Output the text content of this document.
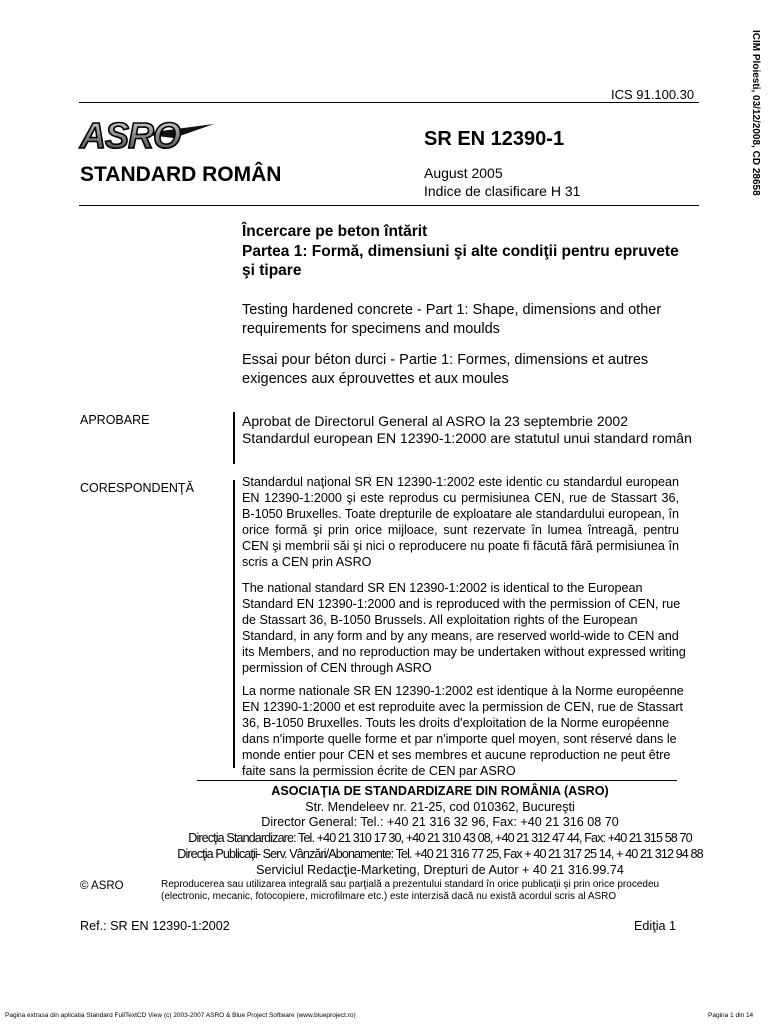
ICIM Ploiesti, 03/12/2008, CD 28658
ICS 91.100.30
ASRO	SR EN 12390-1
STANDARD ROMÂN	August 2005
Indice de clasificare H 31
Încercare pe beton întărit
Partea 1: Formă, dimensiuni şi alte condiţii pentru epruvete şi tipare
Testing hardened concrete - Part 1: Shape, dimensions and other requirements for specimens and moulds
Essai pour béton durci - Partie 1: Formes, dimensions et autres exigences aux éprouvettes et aux moules
APROBARE	Aprobat de Directorul General al ASRO la 23 septembrie 2002
Standardul european EN 12390-1:2000 are statutul unui standard român
CORESPONDENŢĂ	Standardul naţional SR EN 12390-1:2002 este identic cu standardul european EN 12390-1:2000 şi este reprodus cu permisiunea CEN, rue de Stassart 36, B-1050 Bruxelles. Toate drepturile de exploatare ale standardului european, în orice formă şi prin orice mijloace, sunt rezervate în lumea întreagă, pentru CEN şi membrii săi şi nici o reproducere nu poate fi făcută fără permisiunea în scris a CEN prin ASRO
The national standard SR EN 12390-1:2002 is identical to the European Standard EN 12390-1:2000 and is reproduced with the permission of CEN, rue de Stassart 36, B-1050 Brussels. All exploitation rights of the European Standard, in any form and by any means, are reserved world-wide to CEN and its Members, and no reproduction may be undertaken without expressed writing permission of CEN through ASRO
La norme nationale SR EN 12390-1:2002 est identique à la Norme européenne EN 12390-1:2000 et est reproduite avec la permission de CEN, rue de Stassart 36, B-1050 Bruxelles. Touts les droits d'exploitation de la Norme européenne dans n'importe quelle forme et par n'importe quel moyen, sont réservé dans le monde entier pour CEN et ses membres et aucune reproduction ne peut être faite sans la permission écrite de CEN par ASRO
ASOCIAŢIA DE STANDARDIZARE DIN ROMÂNIA (ASRO)
Str. Mendeleev nr. 21-25, cod 010362, Bucureşti
Director General: Tel.: +40 21 316 32 96, Fax: +40 21 316 08 70
Direcţia Standardizare: Tel. +40 21 310 17 30, +40 21 310 43 08, +40 21 312 47 44, Fax: +40 21 315 58 70
Direcţia Publicaţii- Serv. Vânzări/Abonamente: Tel. +40 21 316 77 25, Fax + 40 21 317 25 14, + 40 21 312 94 88
Serviciul Redacţie-Marketing, Drepturi de Autor + 40 21 316.99.74
© ASRO	Reproducerea sau utilizarea integrală sau parţială a prezentului standard în orice publicaţii şi prin orice procedeu (electronic, mecanic, fotocopiere, microfilmare etc.) este interzisă dacă nu există acordul scris al ASRO
Ref.: SR EN 12390-1:2002	Ediţia 1
Pagina extrasa din aplicatia Standard FullTextCD View (c) 2003-2007 ASRO & Blue Project Software (www.blueproject.ro)	Pagina 1 din 14
